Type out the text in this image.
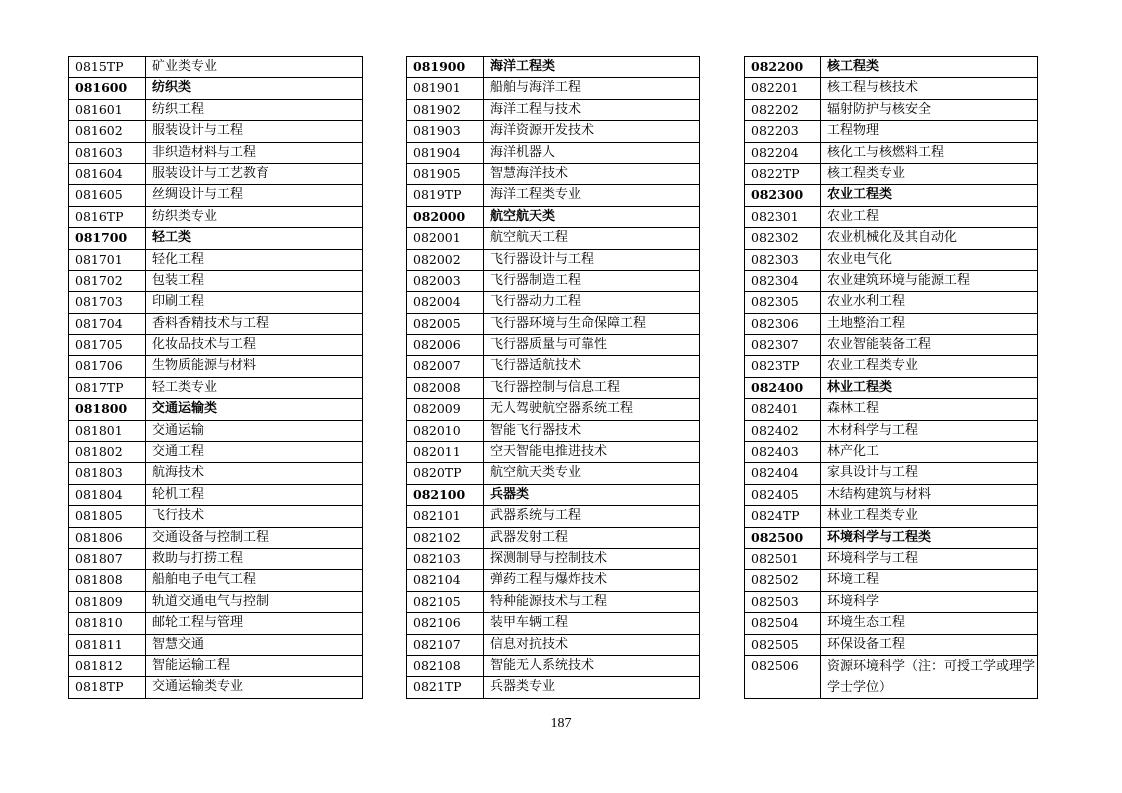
0815TP	矿业类专业
081600	纺织类
081601	纺织工程
081602	服装设计与工程
081603	非织造材料与工程
081604	服装设计与工艺教育
081605	丝绸设计与工程
0816TP	纺织类专业
081700	轻工类
081701	轻化工程
081702	包装工程
081703	印刷工程
081704	香料香精技术与工程
081705	化妆品技术与工程
081706	生物质能源与材料
0817TP	轻工类专业
081800	交通运输类
081801	交通运输
081802	交通工程
081803	航海技术
081804	轮机工程
081805	飞行技术
081806	交通设备与控制工程
081807	救助与打捞工程
081808	船舶电子电气工程
081809	轨道交通电气与控制
081810	邮轮工程与管理
081811	智慧交通
081812	智能运输工程
0818TP	交通运输类专业
081900	海洋工程类
081901	船舶与海洋工程
081902	海洋工程与技术
081903	海洋资源开发技术
081904	海洋机器人
081905	智慧海洋技术
0819TP	海洋工程类专业
082000	航空航天类
082001	航空航天工程
082002	飞行器设计与工程
082003	飞行器制造工程
082004	飞行器动力工程
082005	飞行器环境与生命保障工程
082006	飞行器质量与可靠性
082007	飞行器适航技术
082008	飞行器控制与信息工程
082009	无人驾驶航空器系统工程
082010	智能飞行器技术
082011	空天智能电推进技术
0820TP	航空航天类专业
082100	兵器类
082101	武器系统与工程
082102	武器发射工程
082103	探测制导与控制技术
082104	弹药工程与爆炸技术
082105	特种能源技术与工程
082106	装甲车辆工程
082107	信息对抗技术
082108	智能无人系统技术
0821TP	兵器类专业
082200	核工程类
082201	核工程与核技术
082202	辐射防护与核安全
082203	工程物理
082204	核化工与核燃料工程
0822TP	核工程类专业
082300	农业工程类
082301	农业工程
082302	农业机械化及其自动化
082303	农业电气化
082304	农业建筑环境与能源工程
082305	农业水利工程
082306	土地整治工程
082307	农业智能装备工程
0823TP	农业工程类专业
082400	林业工程类
082401	森林工程
082402	木材科学与工程
082403	林产化工
082404	家具设计与工程
082405	木结构建筑与材料
0824TP	林业工程类专业
082500	环境科学与工程类
082501	环境科学与工程
082502	环境工程
082503	环境科学
082504	环境生态工程
082505	环保设备工程
082506	资源环境科学（注：可授工学或理学学士学位）
187
